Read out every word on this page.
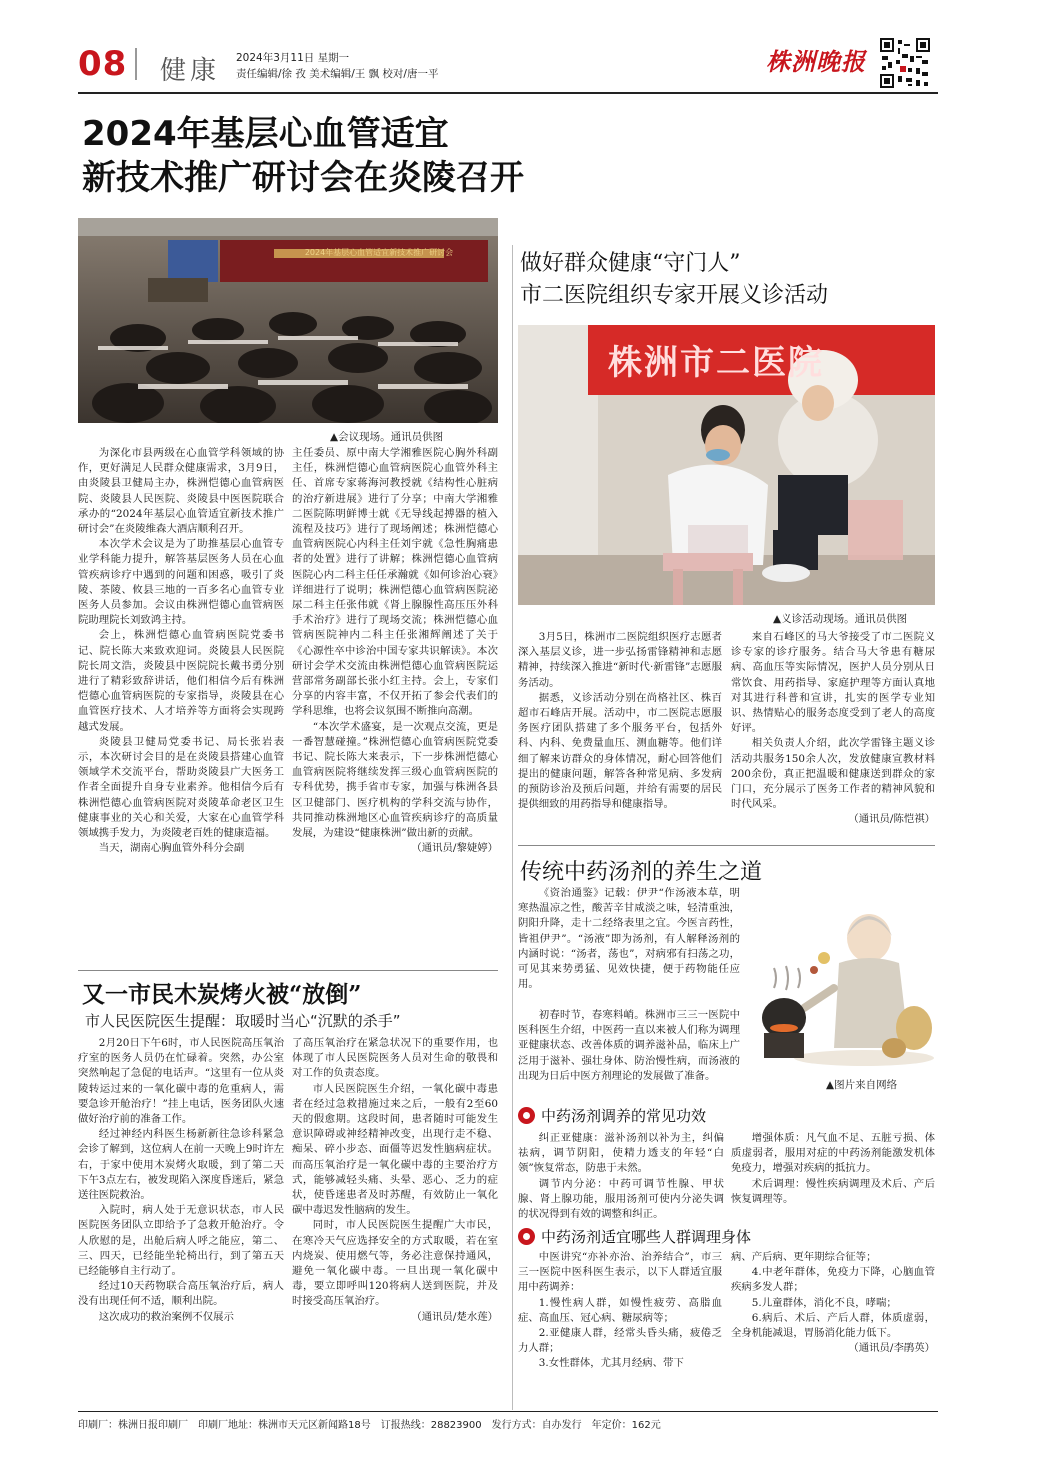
08 健康 2024年3月11日 星期一
责任编辑/徐 孜 美术编辑/王 飘 校对/唐一平	株洲晚报
2024年基层心血管适宜
新技术推广研讨会在炎陵召开
2024年基层心血管适宜新技术推广研讨会
▲会议现场。通讯员供图

为深化市县两级在心血管学科领域的协作，更好满足人民群众健康需求，3月9日，由炎陵县卫健局主办，株洲恺德心血管病医院、炎陵县人民医院、炎陵县中医医院联合承办的“2024年基层心血管适宜新技术推广研讨会”在炎陵维森大酒店顺利召开。

本次学术会议是为了助推基层心血管专业学科能力提升，解答基层医务人员在心血管疾病诊疗中遇到的问题和困惑，吸引了炎陵、茶陵、攸县三地的一百多名心血管专业医务人员参加。会议由株洲恺德心血管病医院助理院长刘致鸿主持。

会上，株洲恺德心血管病医院党委书记、院长陈大来致欢迎词。炎陵县人民医院院长周文浩，炎陵县中医院院长戴书勇分别进行了精彩致辞讲话，他们相信今后有株洲恺德心血管病医院的专家指导，炎陵县在心血管医疗技术、人才培养等方面将会实现跨越式发展。

炎陵县卫健局党委书记、局长张岩表示，本次研讨会目的是在炎陵县搭建心血管领域学术交流平台，帮助炎陵县广大医务工作者全面提升自身专业素养。他相信今后有株洲恺德心血管病医院对炎陵革命老区卫生健康事业的关心和关爱，大家在心血管学科领域携手发力，为炎陵老百姓的健康造福。

当天，湖南心胸血管外科分会副

主任委员、原中南大学湘雅医院心胸外科副主任，株洲恺德心血管病医院心血管外科主任、首席专家蒋海河教授就《结构性心脏病的治疗新进展》进行了分享；中南大学湘雅二医院陈明鲜博士就《无导线起搏器的植入流程及技巧》进行了现场阐述；株洲恺德心血管病医院心内科主任刘宇就《急性胸痛患者的处置》进行了讲解；株洲恺德心血管病医院心内二科主任任承瀚就《如何诊治心衰》详细进行了说明；株洲恺德心血管病医院泌尿二科主任张伟就《肾上腺腺性高压压外科手术治疗》进行了现场交流；株洲恺德心血管病医院神内二科主任张湘辉阐述了关于《心源性卒中诊治中国专家共识解读》。本次研讨会学术交流由株洲恺德心血管病医院运营部常务副部长张小红主持。会上，专家们分享的内容丰富，不仅开拓了参会代表们的学科思维，也将会议氛围不断推向高潮。

“本次学术盛宴，是一次观点交流，更是一番智慧碰撞。”株洲恺德心血管病医院党委书记、院长陈大来表示，下一步株洲恺德心血管病医院将继续发挥三级心血管病医院的专科优势，携手省市专家，加强与株洲各县区卫健部门、医疗机构的学科交流与协作，共同推动株洲地区心血管疾病诊疗的高质量发展，为建设“健康株洲”做出新的贡献。

（通讯员/黎婕婷）

又一市民木炭烤火被“放倒”
市人民医院医生提醒：取暖时当心“沉默的杀手”

2月20日下午6时，市人民医院高压氧治疗室的医务人员仍在忙碌着。突然，办公室突然响起了急促的电话声。“这里有一位从炎陵转运过来的一氧化碳中毒的危重病人，需要急诊开舱治疗！”挂上电话，医务团队火速做好治疗前的准备工作。

经过神经内科医生杨新新往急诊科紧急会诊了解到，这位病人在前一天晚上9时许左右，于家中使用木炭烤火取暖，到了第二天下午3点左右，被发现陷入深度昏迷后，紧急送往医院救治。

入院时，病人处于无意识状态，市人民医院医务团队立即给予了急救开舱治疗。令人欣慰的是，出舱后病人呼之能应，第二、三、四天，已经能坐轮椅出行，到了第五天已经能够自主行动了。

经过10天药物联合高压氧治疗后，病人没有出现任何不适，顺利出院。

这次成功的救治案例不仅展示

了高压氧治疗在紧急状况下的重要作用，也体现了市人民医院医务人员对生命的敬畏和对工作的负责态度。

市人民医院医生介绍，一氧化碳中毒患者在经过急救措施过来之后，一般有2至60天的假愈期。这段时间，患者随时可能发生意识障碍或神经精神改变，出现行走不稳、痴呆、碎小步态、面僵等迟发性脑病症状。而高压氧治疗是一氧化碳中毒的主要治疗方式，能够减轻头痛、头晕、恶心、乏力的症状，使昏迷患者及时苏醒，有效防止一氧化碳中毒迟发性脑病的发生。

同时，市人民医院医生提醒广大市民，在寒冷天气应选择安全的方式取暖，若在室内烧炭、使用燃气等，务必注意保持通风，避免一氧化碳中毒。一旦出现一氧化碳中毒，要立即呼叫120将病人送到医院，并及时接受高压氧治疗。

（通讯员/楚水莲）

做好群众健康“守门人”
市二医院组织专家开展义诊活动
株洲市二医院
▲义诊活动现场。通讯员供图

3月5日，株洲市二医院组织医疗志愿者深入基层义诊，进一步弘扬雷锋精神和志愿精神，持续深入推进“新时代·新雷锋”志愿服务活动。

据悉，义诊活动分别在尚格社区、株百超市石峰店开展。活动中，市二医院志愿服务医疗团队搭建了多个服务平台，包括外科、内科、免费量血压、测血糖等。他们详细了解来访群众的身体情况，耐心回答他们提出的健康问题，解答各种常见病、多发病的预防诊治及预后问题，并给有需要的居民提供细致的用药指导和健康指导。

来自石峰区的马大爷接受了市二医院义诊专家的诊疗服务。结合马大爷患有糖尿病、高血压等实际情况，医护人员分别从日常饮食、用药指导、家庭护理等方面认真地对其进行科普和宣讲，扎实的医学专业知识、热情贴心的服务态度受到了老人的高度好评。

相关负责人介绍，此次学雷锋主题义诊活动共服务150余人次，发放健康宣教材料200余份，真正把温暖和健康送到群众的家门口，充分展示了医务工作者的精神风貌和时代风采。

（通讯员/陈恺祺）

传统中药汤剂的养生之道
▲图片来自网络

《资治通鉴》记载：伊尹“作汤液本草，明寒热温凉之性，酸苦辛甘咸淡之味，轻清重浊，阴阳升降，走十二经络表里之宜。今医言药性，皆祖伊尹”。“汤液”即为汤剂，有人解释汤剂的内涵时说：“汤者，荡也”，对病邪有扫荡之功，可见其来势勇猛、见效快捷，便于药物能任应用。

初春时节，春寒料峭。株洲市三三一医院中医科医生介绍，中医药一直以来被人们称为调理亚健康状态、改善体质的调养滋补品，临床上广泛用于滋补、强壮身体、防治慢性病，而汤液的出现为日后中医方剂理论的发展做了准备。

中药汤剂调养的常见功效

纠正亚健康：滋补汤剂以补为主，纠偏祛病，调节阴阳，使精力透支的年轻“白领”恢复常态，防患于未然。

调节内分泌：中药可调节性腺、甲状腺、肾上腺功能，服用汤剂可使内分泌失调的状况得到有效的调整和纠正。

增强体质：凡气血不足、五脏亏损、体质虚弱者，服用对症的中药汤剂能激发机体免疫力，增强对疾病的抵抗力。

术后调理：慢性疾病调理及术后、产后恢复调理等。

中药汤剂适宜哪些人群调理身体

中医讲究“亦补亦治、治养结合”，市三三一医院中医科医生表示，以下人群适宜服用中药调养：

1.慢性病人群，如慢性疲劳、高脂血症、高血压、冠心病、糖尿病等；

2.亚健康人群，经常头昏头痛，疲倦乏力人群；

3.女性群体，尤其月经病、带下

病、产后病、更年期综合征等；

4.中老年群体，免疫力下降，心脑血管疾病多发人群；

5.儿童群体，消化不良，哮喘；

6.病后、术后、产后人群，体质虚弱，全身机能减退，胃肠消化能力低下。

（通讯员/李鹃英）

印刷厂：株洲日报印刷厂　印刷厂地址：株洲市天元区新闻路18号　订报热线：28823900　发行方式：自办发行　年定价：162元
